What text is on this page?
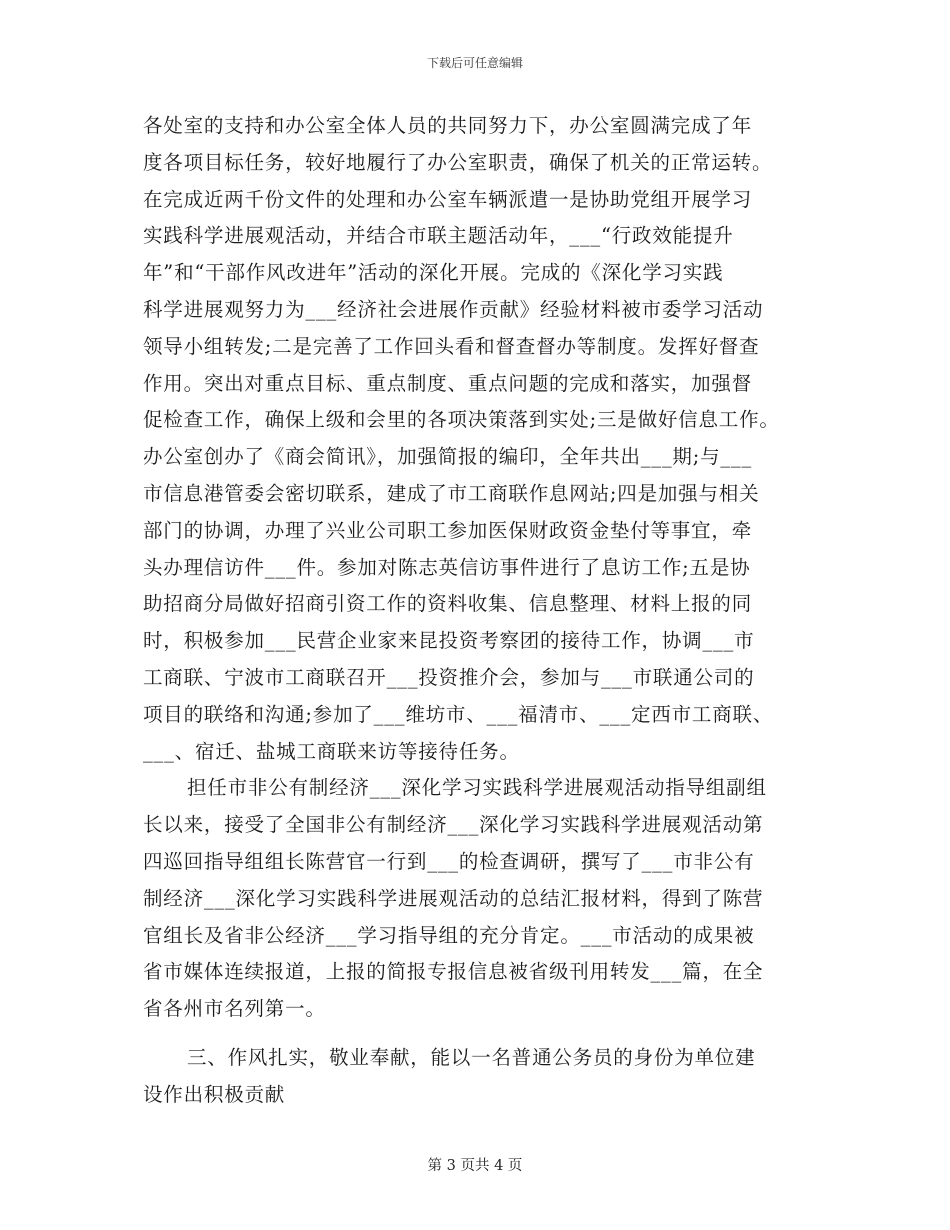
下载后可任意编辑
各处室的支持和办公室全体人员的共同努力下，办公室圆满完成了年
度各项目标任务，较好地履行了办公室职责，确保了机关的正常运转。
在完成近两千份文件的处理和办公室车辆派遣一是协助党组开展学习
实践科学进展观活动，并结合市联主题活动年，___“行政效能提升
年”和“干部作风改进年”活动的深化开展。完成的《深化学习实践
科学进展观努力为___经济社会进展作贡献》经验材料被市委学习活动
领导小组转发;二是完善了工作回头看和督查督办等制度。发挥好督查
作用。突出对重点目标、重点制度、重点问题的完成和落实，加强督
促检查工作，确保上级和会里的各项决策落到实处;三是做好信息工作。
办公室创办了《商会简讯》，加强简报的编印，全年共出___期;与___
市信息港管委会密切联系，建成了市工商联作息网站;四是加强与相关
部门的协调，办理了兴业公司职工参加医保财政资金垫付等事宜，牵
头办理信访件___件。参加对陈志英信访事件进行了息访工作;五是协
助招商分局做好招商引资工作的资料收集、信息整理、材料上报的同
时，积极参加___民营企业家来昆投资考察团的接待工作，协调___市
工商联、宁波市工商联召开___投资推介会，参加与___市联通公司的
项目的联络和沟通;参加了___维坊市、___福清市、___定西市工商联、
___、宿迁、盐城工商联来访等接待任务。
担任市非公有制经济___深化学习实践科学进展观活动指导组副组
长以来，接受了全国非公有制经济___深化学习实践科学进展观活动第
四巡回指导组组长陈营官一行到___的检查调研，撰写了___市非公有
制经济___深化学习实践科学进展观活动的总结汇报材料，得到了陈营
官组长及省非公经济___学习指导组的充分肯定。___市活动的成果被
省市媒体连续报道，上报的简报专报信息被省级刊用转发___篇，在全
省各州市名列第一。
三、作风扎实，敬业奉献，能以一名普通公务员的身份为单位建
设作出积极贡献
第 3 页共 4 页
